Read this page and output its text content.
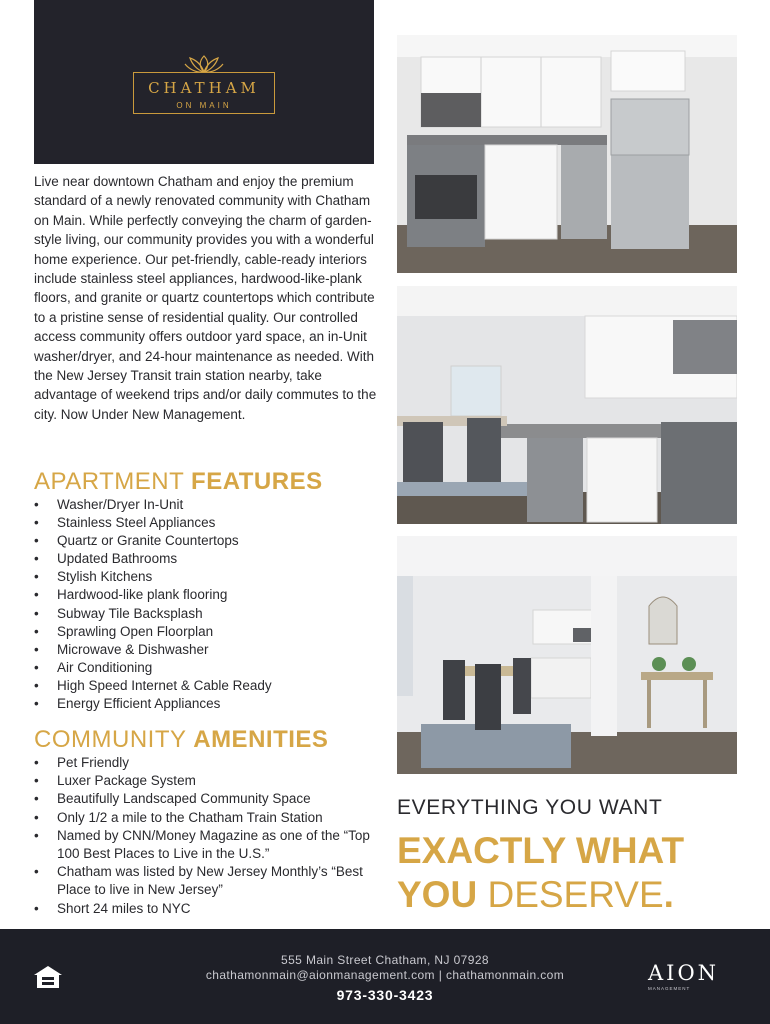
CHATHAM
ON MAIN

Live near downtown Chatham and enjoy the premium standard of a newly renovated community with Chatham on Main. While perfectly conveying the charm of garden-style living, our community provides you with a wonderful home experience. Our pet-friendly, cable-ready interiors include stainless steel appliances, hardwood-like-plank floors, and granite or quartz countertops which contribute to a pristine sense of residential quality. Our controlled access community offers outdoor yard space, an in-Unit washer/dryer, and 24-hour maintenance as needed. With the New Jersey Transit train station nearby, take advantage of weekend trips and/or daily commutes to the city. Now Under New Management.

APARTMENT FEATURES
• Washer/Dryer In-Unit
• Stainless Steel Appliances
• Quartz or Granite Countertops
• Updated Bathrooms
• Stylish Kitchens
• Hardwood-like plank flooring
• Subway Tile Backsplash
• Sprawling Open Floorplan
• Microwave & Dishwasher
• Air Conditioning
• High Speed Internet & Cable Ready
• Energy Efficient Appliances
COMMUNITY AMENITIES
• Pet Friendly
• Luxer Package System
• Beautifully Landscaped Community Space
• Only 1/2 a mile to the Chatham Train Station
• Named by CNN/Money Magazine as one of the “Top 100 Best Places to Live in the U.S.”
• Chatham was listed by New Jersey Monthly’s “Best Place to live in New Jersey”
• Short 24 miles to NYC
EVERYTHING YOU WANT
EXACTLY WHAT
YOU DESERVE.
555 Main Street Chatham, NJ 07928
chathamonmain@aionmanagement.com | chathamonmain.com
973-330-3423
AION
MANAGEMENT
